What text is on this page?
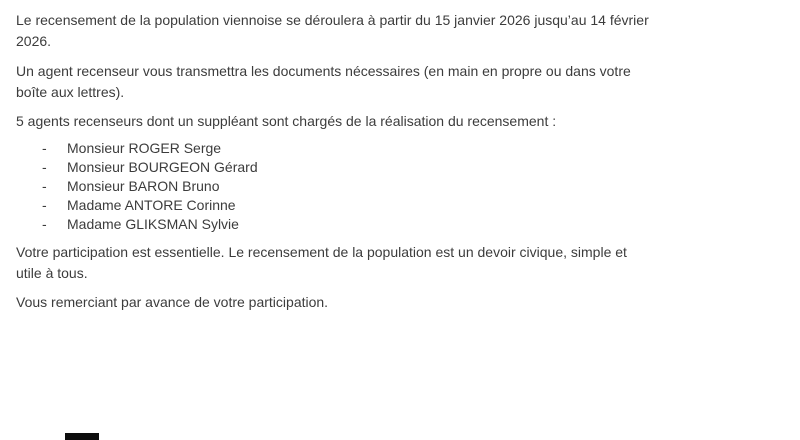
Le recensement de la population viennoise se déroulera à partir du 15 janvier 2026 jusqu’au 14 février
2026.
Un agent recenseur vous transmettra les documents nécessaires (en main en propre ou dans votre
boîte aux lettres).
5 agents recenseurs dont un suppléant sont chargés de la réalisation du recensement :
- Monsieur ROGER Serge
- Monsieur BOURGEON Gérard
- Monsieur BARON Bruno
- Madame ANTORE Corinne
- Madame GLIKSMAN Sylvie
Votre participation est essentielle. Le recensement de la population est un devoir civique, simple et
utile à tous.
Vous remerciant par avance de votre participation.
